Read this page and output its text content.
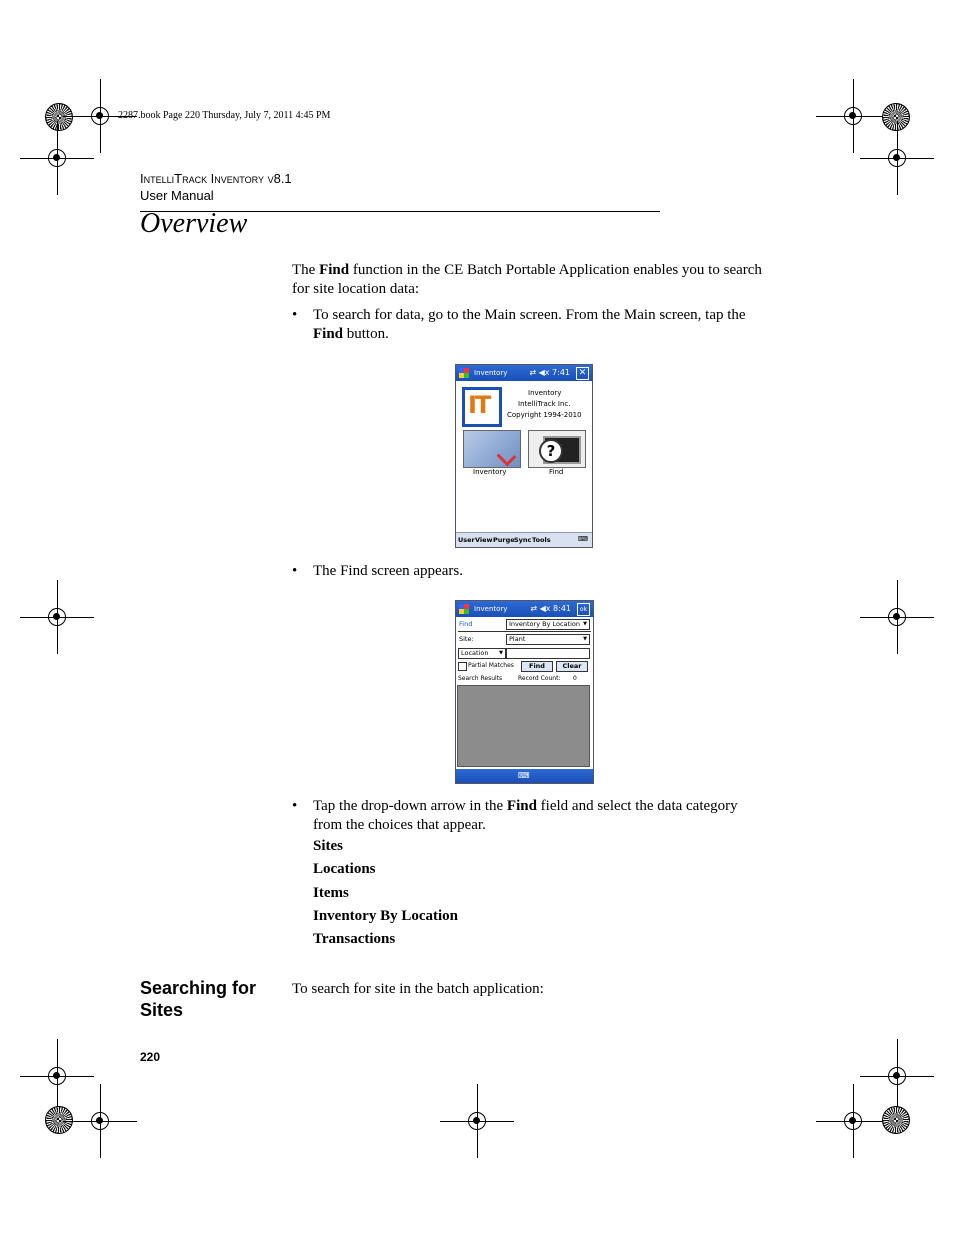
2287.book Page 220 Thursday, July 7, 2011 4:45 PM
IntelliTrack Inventory v8.1
User Manual
Overview
The Find function in the CE Batch Portable Application enables you to search for site location data:
• To search for data, go to the Main screen. From the Main screen, tap the Find button.
Inventory	⇄ ◀x 7:41 ✕
Inventory
IntelliTrack Inc.
Copyright 1994-2010
IT
Inventory
?
Find
User View Purge Sync Tools	⌨
• The Find screen appears.
Inventory	⇄ ◀x 8:41	ok
Find	Inventory By Location ▼
Site:	Plant	▼
Location ▼
Partial Matches	Find	Clear
Search Results	Record Count: 0
⌨
• Tap the drop-down arrow in the Find field and select the data category from the choices that appear.
Sites
Locations
Items
Inventory By Location
Transactions
Searching for
Sites
To search for site in the batch application:
220
